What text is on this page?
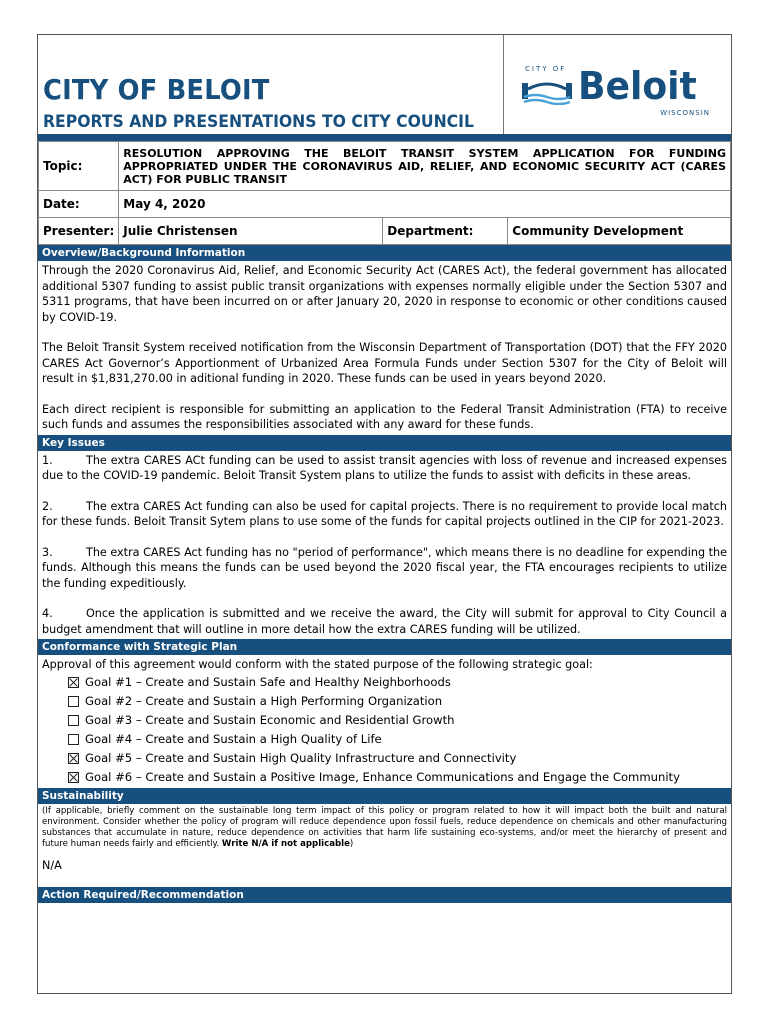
CITY OF BELOIT
REPORTS AND PRESENTATIONS TO CITY COUNCIL
CITY OF Beloit
WISCONSIN
Topic:	RESOLUTION APPROVING THE BELOIT TRANSIT SYSTEM APPLICATION FOR FUNDING APPROPRIATED UNDER THE CORONAVIRUS AID, RELIEF, AND ECONOMIC SECURITY ACT (CARES ACT) FOR PUBLIC TRANSIT		
Date:	May 4, 2020		
Presenter:	Julie Christensen	Department:	Community Development
Overview/Background Information

Through the 2020 Coronavirus Aid, Relief, and Economic Security Act (CARES Act), the federal government has allocated additional 5307 funding to assist public transit organizations with expenses normally eligible under the Section 5307 and 5311 programs, that have been incurred on or after January 20, 2020 in response to economic or other conditions caused by COVID-19.

The Beloit Transit System received notification from the Wisconsin Department of Transportation (DOT) that the FFY 2020 CARES Act Governor’s Apportionment of Urbanized Area Formula Funds under Section 5307 for the City of Beloit will result in $1,831,270.00 in aditional funding in 2020. These funds can be used in years beyond 2020.

Each direct recipient is responsible for submitting an application to the Federal Transit Administration (FTA) to receive such funds and assumes the responsibilities associated with any award for these funds.

Key Issues

1.	The extra CARES ACt funding can be used to assist transit agencies with loss of revenue and increased expenses due to the COVID-19 pandemic. Beloit Transit System plans to utilize the funds to assist with deficits in these areas.

2.	The extra CARES Act funding can also be used for capital projects. There is no requirement to provide local match for these funds. Beloit Transit Sytem plans to use some of the funds for capital projects outlined in the CIP for 2021-2023.

3.	The extra CARES Act funding has no "period of performance", which means there is no deadline for expending the funds. Although this means the funds can be used beyond the 2020 fiscal year, the FTA encourages recipients to utilize the funding expeditiously.

4.	Once the application is submitted and we receive the award, the City will submit for approval to City Council a budget amendment that will outline in more detail how the extra CARES funding will be utilized.

Conformance with Strategic Plan
Approval of this agreement would conform with the stated purpose of the following strategic goal:
Goal #1 – Create and Sustain Safe and Healthy Neighborhoods
Goal #2 – Create and Sustain a High Performing Organization
Goal #3 – Create and Sustain Economic and Residential Growth
Goal #4 – Create and Sustain a High Quality of Life
Goal #5 – Create and Sustain High Quality Infrastructure and Connectivity
Goal #6 – Create and Sustain a Positive Image, Enhance Communications and Engage the Community
Sustainability
(If applicable, briefly comment on the sustainable long term impact of this policy or program related to how it will impact both the built and natural environment. Consider whether the policy of program will reduce dependence upon fossil fuels, reduce dependence on chemicals and other manufacturing substances that accumulate in nature, reduce dependence on activities that harm life sustaining eco-systems, and/or meet the hierarchy of present and future human needs fairly and efficiently. Write N/A if not applicable)
N/A
Action Required/Recommendation
